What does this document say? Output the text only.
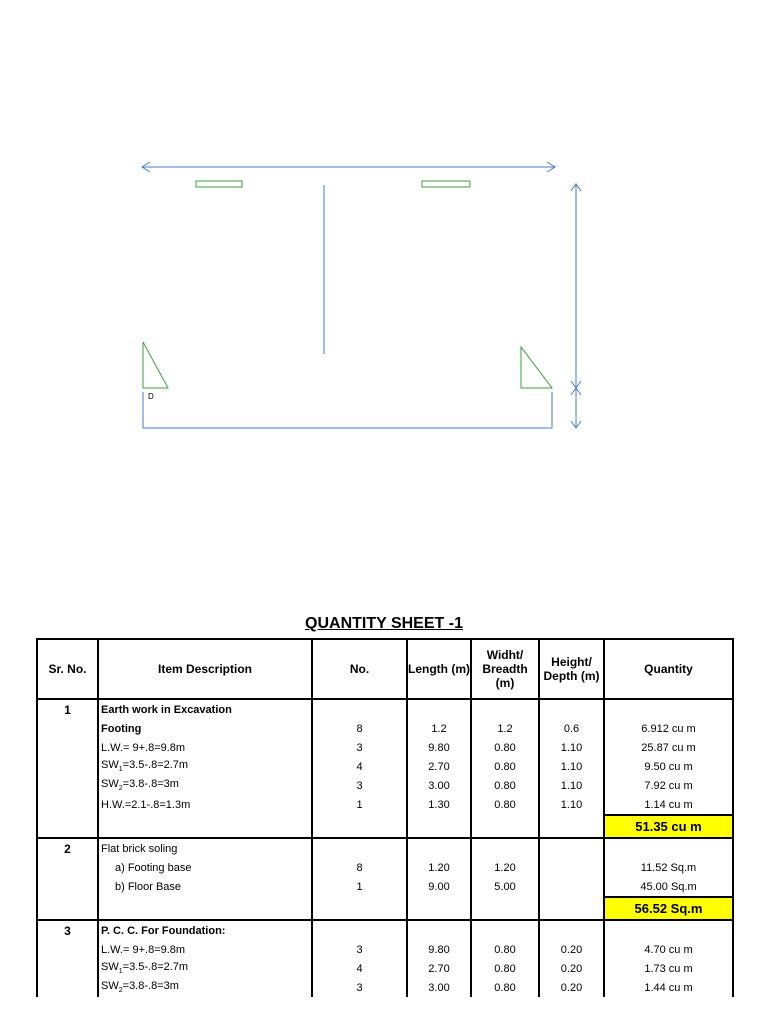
D
QUANTITY SHEET -1
Sr. No.	Item Description	No.	Length (m)	Widht/ Breadth (m)	Height/ Depth (m)	Quantity
1	Earth work in Excavation					
	Footing	8	1.2	1.2	0.6	6.912 cu m
	L.W.= 9+.8=9.8m	3	9.80	0.80	1.10	25.87 cu m
	$SW_1=3.5-.8=2.7m$	4	2.70	0.80	1.10	9.50 cu m
	$SW_2=3.8-.8=3m$	3	3.00	0.80	1.10	7.92 cu m
	H.W.=2.1-.8=1.3m	1	1.30	0.80	1.10	1.14 cu m
						51.35 cu m
2	Flat brick soling					
	a) Footing base	8	1.20	1.20		11.52 Sq.m
	b) Floor Base	1	9.00	5.00		45.00 Sq.m
						56.52 Sq.m
3	P. C. C. For Foundation:					
	L.W.= 9+.8=9.8m	3	9.80	0.80	0.20	4.70 cu m
	$SW_1=3.5-.8=2.7m$	4	2.70	0.80	0.20	1.73 cu m
	$SW_2=3.8-.8=3m$	3	3.00	0.80	0.20	1.44 cu m
